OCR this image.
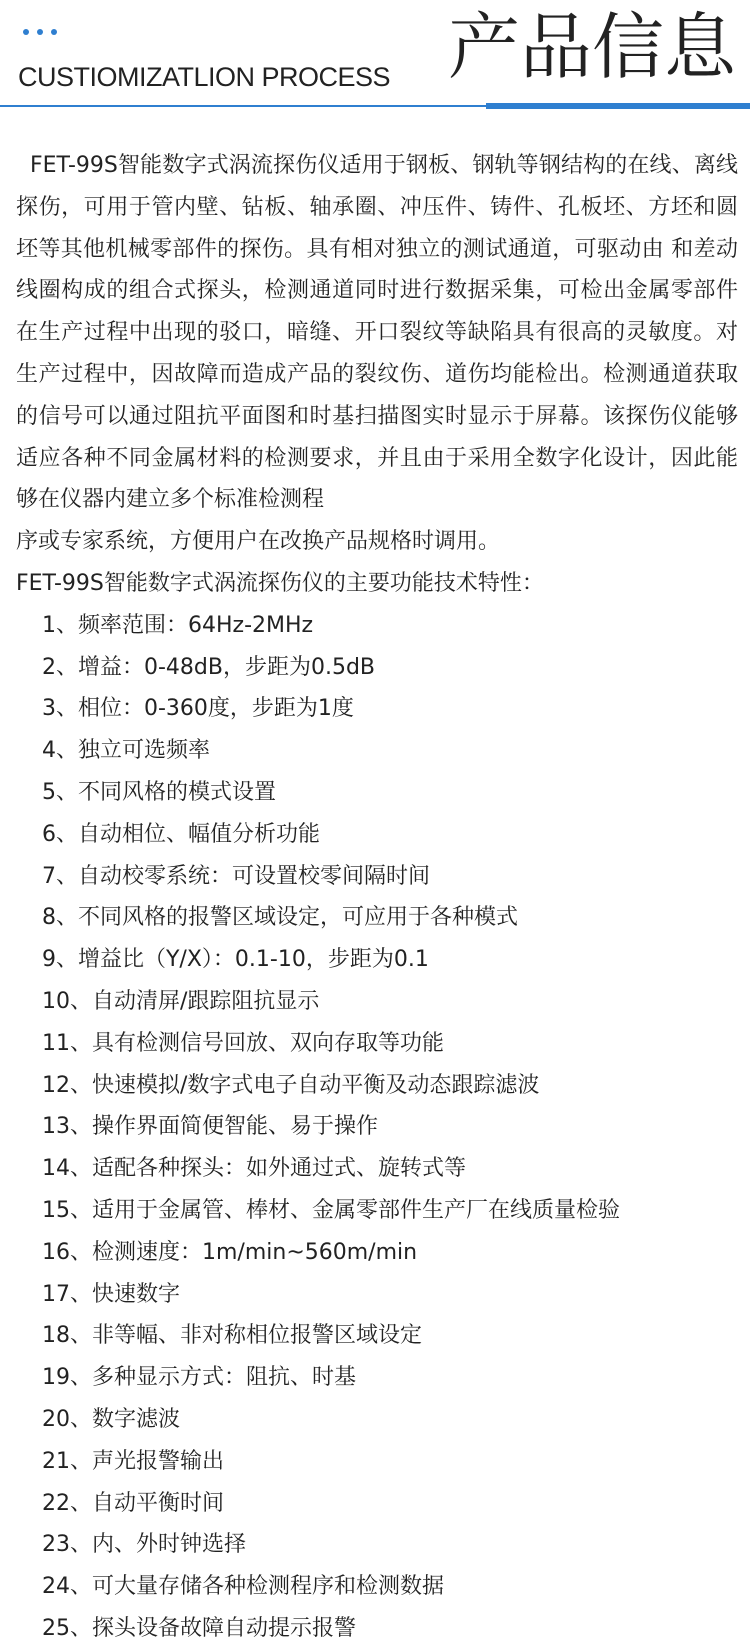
CUSTIOMIZATLION PROCESS 产品信息

FET-99S智能数字式涡流探伤仪适用于钢板、钢轨等钢结构的在线、离线探伤，可用于管内壁、钻板、轴承圈、冲压件、铸件、孔板坯、方坯和圆坯等其他机械零部件的探伤。具有相对独立的测试通道，可驱动由 和差动线圈构成的组合式探头，检测通道同时进行数据采集，可检出金属零部件在生产过程中出现的驳口，暗缝、开口裂纹等缺陷具有很高的灵敏度。对生产过程中，因故障而造成产品的裂纹伤、道伤均能检出。检测通道获取的信号可以通过阻抗平面图和时基扫描图实时显示于屏幕。该探伤仪能够适应各种不同金属材料的检测要求，并且由于采用全数字化设计，因此能够在仪器内建立多个标准检测程

序或专家系统，方便用户在改换产品规格时调用。

FET-99S智能数字式涡流探伤仪的主要功能技术特性：

1、频率范围：64Hz-2MHz
2、增益：0-48dB，步距为0.5dB
3、相位：0-360度，步距为1度
4、独立可选频率
5、不同风格的模式设置
6、自动相位、幅值分析功能
7、自动校零系统：可设置校零间隔时间
8、不同风格的报警区域设定，可应用于各种模式
9、增益比（Y/X）：0.1-10，步距为0.1
10、自动清屏/跟踪阻抗显示
11、具有检测信号回放、双向存取等功能
12、快速模拟/数字式电子自动平衡及动态跟踪滤波
13、操作界面简便智能、易于操作
14、适配各种探头：如外通过式、旋转式等
15、适用于金属管、棒材、金属零部件生产厂在线质量检验
16、检测速度：1m/min~560m/min
17、快速数字
18、非等幅、非对称相位报警区域设定
19、多种显示方式：阻抗、时基
20、数字滤波
21、声光报警输出
22、自动平衡时间
23、内、外时钟选择
24、可大量存储各种检测程序和检测数据
25、探头设备故障自动提示报警
